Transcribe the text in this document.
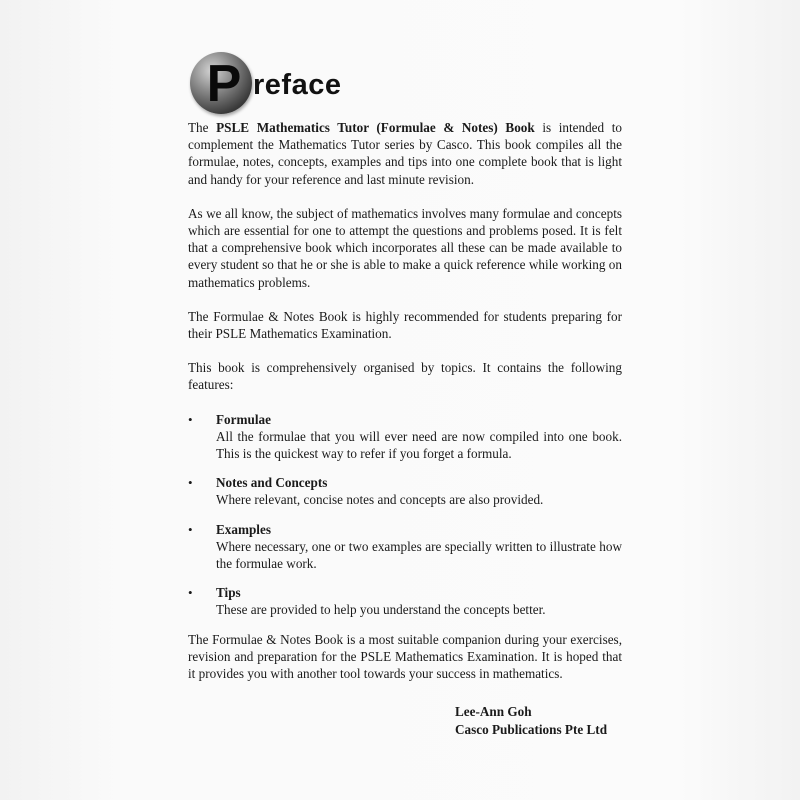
P reface

The PSLE Mathematics Tutor (Formulae & Notes) Book is intended to complement the Mathematics Tutor series by Casco. This book compiles all the formulae, notes, concepts, examples and tips into one complete book that is light and handy for your reference and last minute revision.

As we all know, the subject of mathematics involves many formulae and concepts which are essential for one to attempt the questions and problems posed. It is felt that a comprehensive book which incorporates all these can be made available to every student so that he or she is able to make a quick reference while working on mathematics problems.

The Formulae & Notes Book is highly recommended for students preparing for their PSLE Mathematics Examination.

This book is comprehensively organised by topics. It contains the following features:

•	Formulae
All the formulae that you will ever need are now compiled into one book. This is the quickest way to refer if you forget a formula.
•	Notes and Concepts
Where relevant, concise notes and concepts are also provided.
•	Examples
Where necessary, one or two examples are specially written to illustrate how the formulae work.
•	Tips
These are provided to help you understand the concepts better.

The Formulae & Notes Book is a most suitable companion during your exercises, revision and preparation for the PSLE Mathematics Examination. It is hoped that it provides you with another tool towards your success in mathematics.

Lee-Ann Goh
Casco Publications Pte Ltd
